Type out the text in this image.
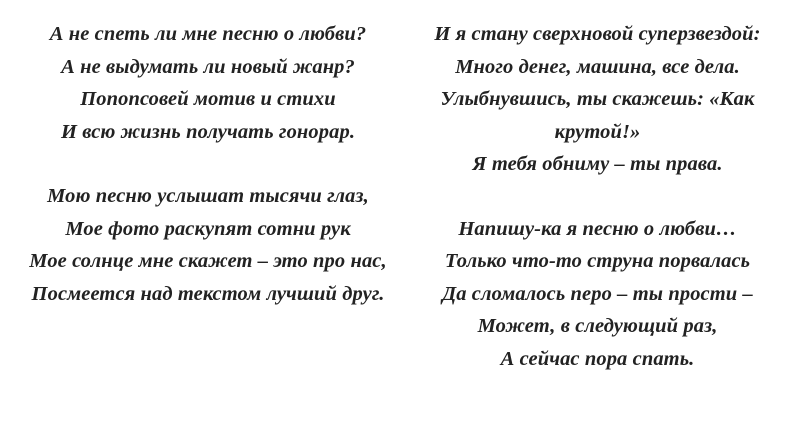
А не спеть ли мне песню о любви?
А не выдумать ли новый жанр?
Попопсовей мотив и стихи
И всю жизнь получать гонорар.
Мою песню услышат тысячи глаз,
Мое фото раскупят сотни рук
Мое солнце мне скажет – это про нас,
Посмеется над текстом лучший друг.
И я стану сверхновой суперзвездой:
Много денег, машина, все дела.
Улыбнувшись, ты скажешь: «Как крутой!»
Я тебя обниму – ты права.
Напишу-ка я песню о любви…
Только что-то струна порвалась
Да сломалось перо – ты прости –
Может, в следующий раз,
А сейчас пора спать.
